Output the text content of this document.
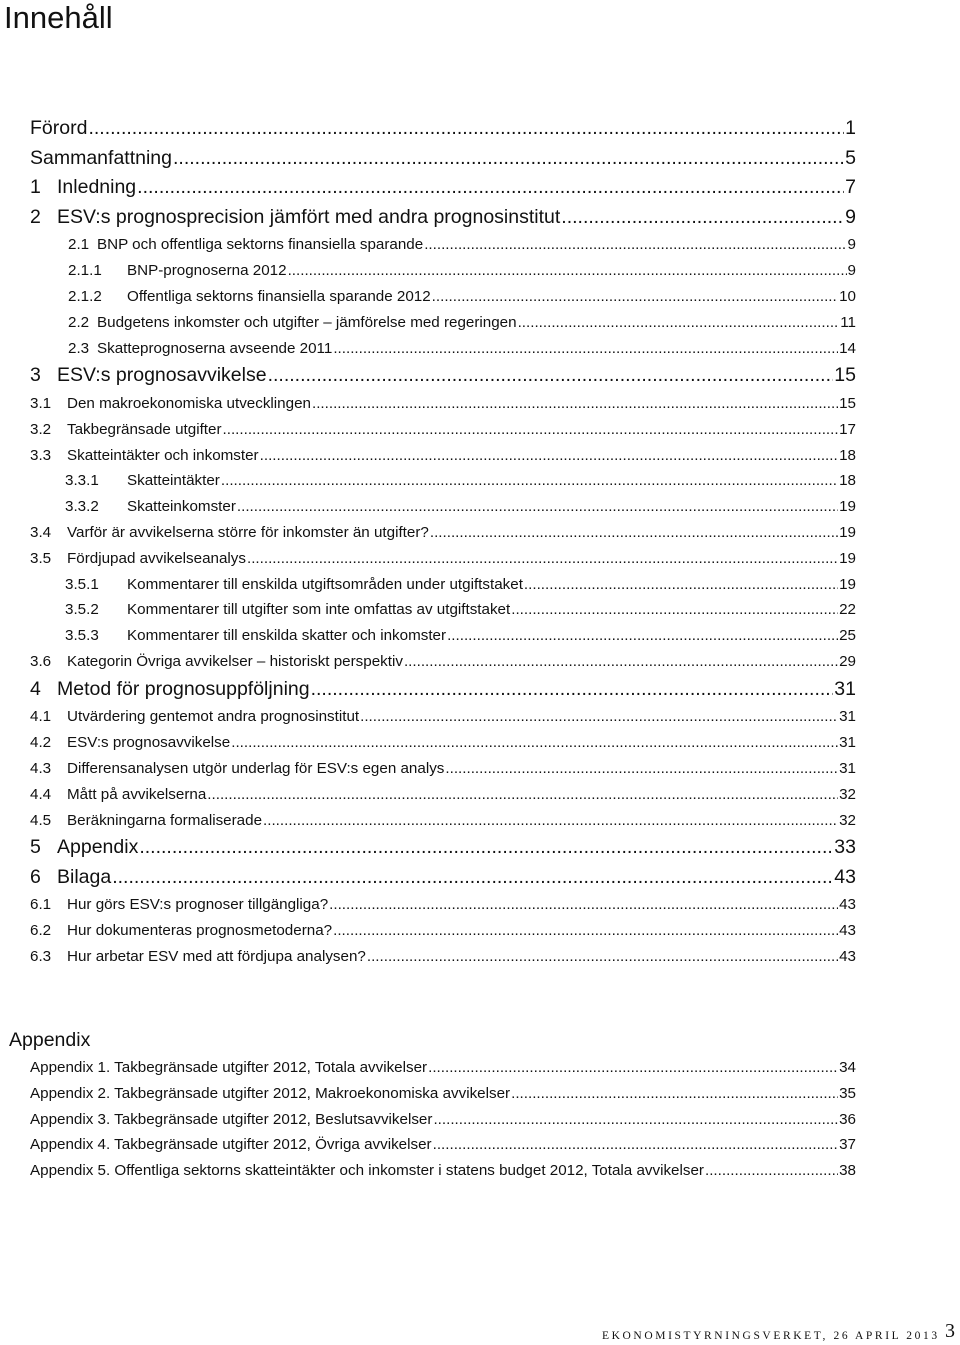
Innehåll
Förord .....	1
Sammanfattning .....	5
1 Inledning .....	7
2 ESV:s prognosprecision jämfört med andra prognosinstitut .....	9
2.1 BNP och offentliga sektorns finansiella sparande .....	9
2.1.1	BNP-prognoserna 2012 .....	9
2.1.2	Offentliga sektorns finansiella sparande 2012 .....	10
2.2 Budgetens inkomster och utgifter – jämförelse med regeringen .....	11
2.3 Skatteprognoserna avseende 2011 .....	14
3 ESV:s prognosavvikelse .....	15
3.1	Den makroekonomiska utvecklingen .....	15
3.2	Takbegränsade utgifter .....	17
3.3	Skatteintäkter och inkomster .....	18
3.3.1	Skatteintäkter .....	18
3.3.2	Skatteinkomster .....	19
3.4	Varför är avvikelserna större för inkomster än utgifter? .....	19
3.5	Fördjupad avvikelseanalys .....	19
3.5.1	Kommentarer till enskilda utgiftsområden under utgiftstaket .....	19
3.5.2	Kommentarer till utgifter som inte omfattas av utgiftstaket .....	22
3.5.3	Kommentarer till enskilda skatter och inkomster .....	25
3.6	Kategorin Övriga avvikelser – historiskt perspektiv .....	29
4 Metod för prognosuppföljning .....	31
4.1	Utvärdering gentemot andra prognosinstitut .....	31
4.2	ESV:s prognosavvikelse .....	31
4.3	Differensanalysen utgör underlag för ESV:s egen analys .....	31
4.4	Mått på avvikelserna .....	32
4.5	Beräkningarna formaliserade .....	32
5 Appendix .....	33
6 Bilaga .....	43
6.1	Hur görs ESV:s prognoser tillgängliga? .....	43
6.2	Hur dokumenteras prognosmetoderna? .....	43
6.3	Hur arbetar ESV med att fördjupa analysen? .....	43
Appendix
Appendix 1. Takbegränsade utgifter 2012, Totala avvikelser .....	34
Appendix 2. Takbegränsade utgifter 2012, Makroekonomiska avvikelser .....	35
Appendix 3. Takbegränsade utgifter 2012, Beslutsavvikelser .....	36
Appendix 4. Takbegränsade utgifter 2012, Övriga avvikelser .....	37
Appendix 5. Offentliga sektorns skatteintäkter och inkomster i statens budget 2012, Totala avvikelser .....	38
EKONOMISTYRNINGSVERKET, 26 APRIL 2013 3
